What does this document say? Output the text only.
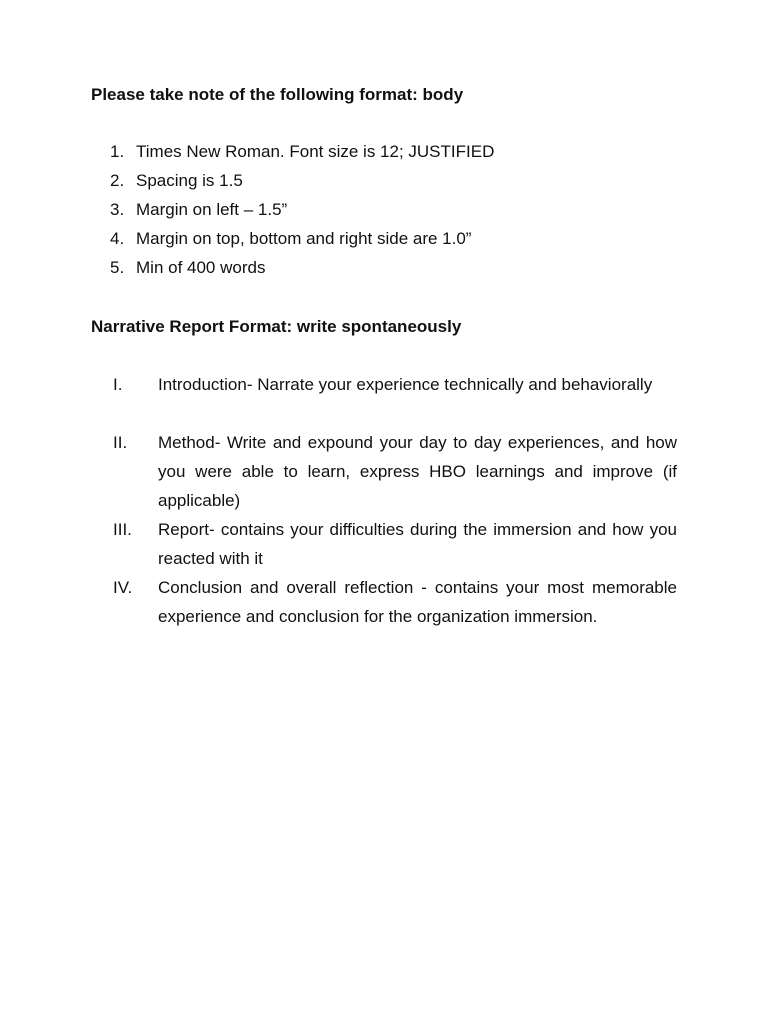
Please take note of the following format: body
1. Times New Roman. Font size is 12; JUSTIFIED
2. Spacing is 1.5
3. Margin on left – 1.5”
4. Margin on top, bottom and right side are 1.0”
5. Min of 400 words
Narrative Report Format: write spontaneously
I. Introduction- Narrate your experience technically and behaviorally
II. Method- Write and expound your day to day experiences, and how you were able to learn, express HBO learnings and improve (if applicable)
III. Report- contains your difficulties during the immersion and how you reacted with it
IV. Conclusion and overall reflection - contains your most memorable experience and conclusion for the organization immersion.
